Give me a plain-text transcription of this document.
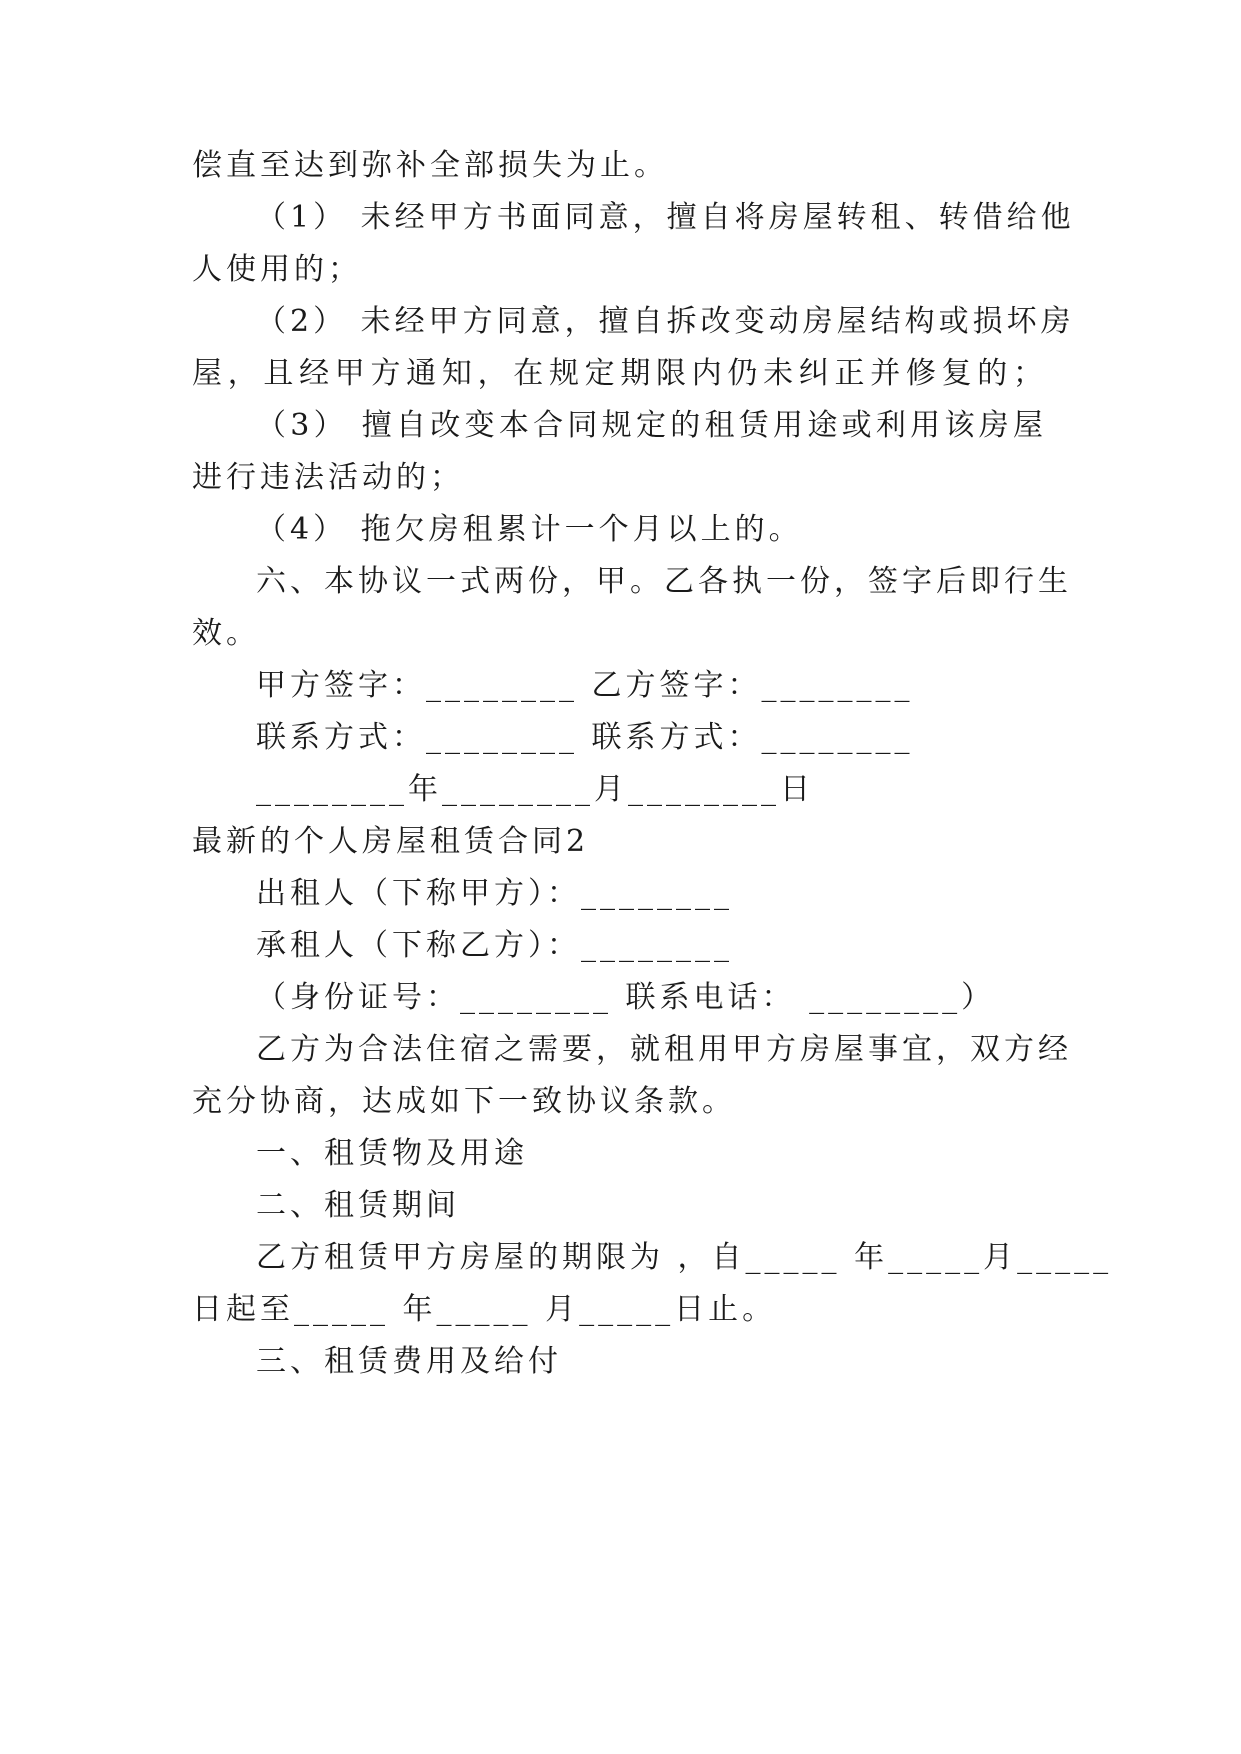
偿直至达到弥补全部损失为止。
（1） 未经甲方书面同意，擅自将房屋转租、转借给他
人使用的；
（2） 未经甲方同意，擅自拆改变动房屋结构或损坏房
屋，且经甲方通知，在规定期限内仍未纠正并修复的；
（3） 擅自改变本合同规定的租赁用途或利用该房屋
进行违法活动的；
（4） 拖欠房租累计一个月以上的。
六、本协议一式两份，甲。乙各执一份，签字后即行生
效。
甲方签字：________ 乙方签字：________
联系方式：________ 联系方式：________
________年________月________日
最新的个人房屋租赁合同2
出租人（下称甲方）：________
承租人（下称乙方）：________
（身份证号：________ 联系电话： ________）
乙方为合法住宿之需要，就租用甲方房屋事宜，双方经
充分协商，达成如下一致协议条款。
一、租赁物及用途
二、租赁期间
乙方租赁甲方房屋的期限为 ，自_____ 年_____月_____
日起至_____ 年_____ 月_____日止。
三、租赁费用及给付
